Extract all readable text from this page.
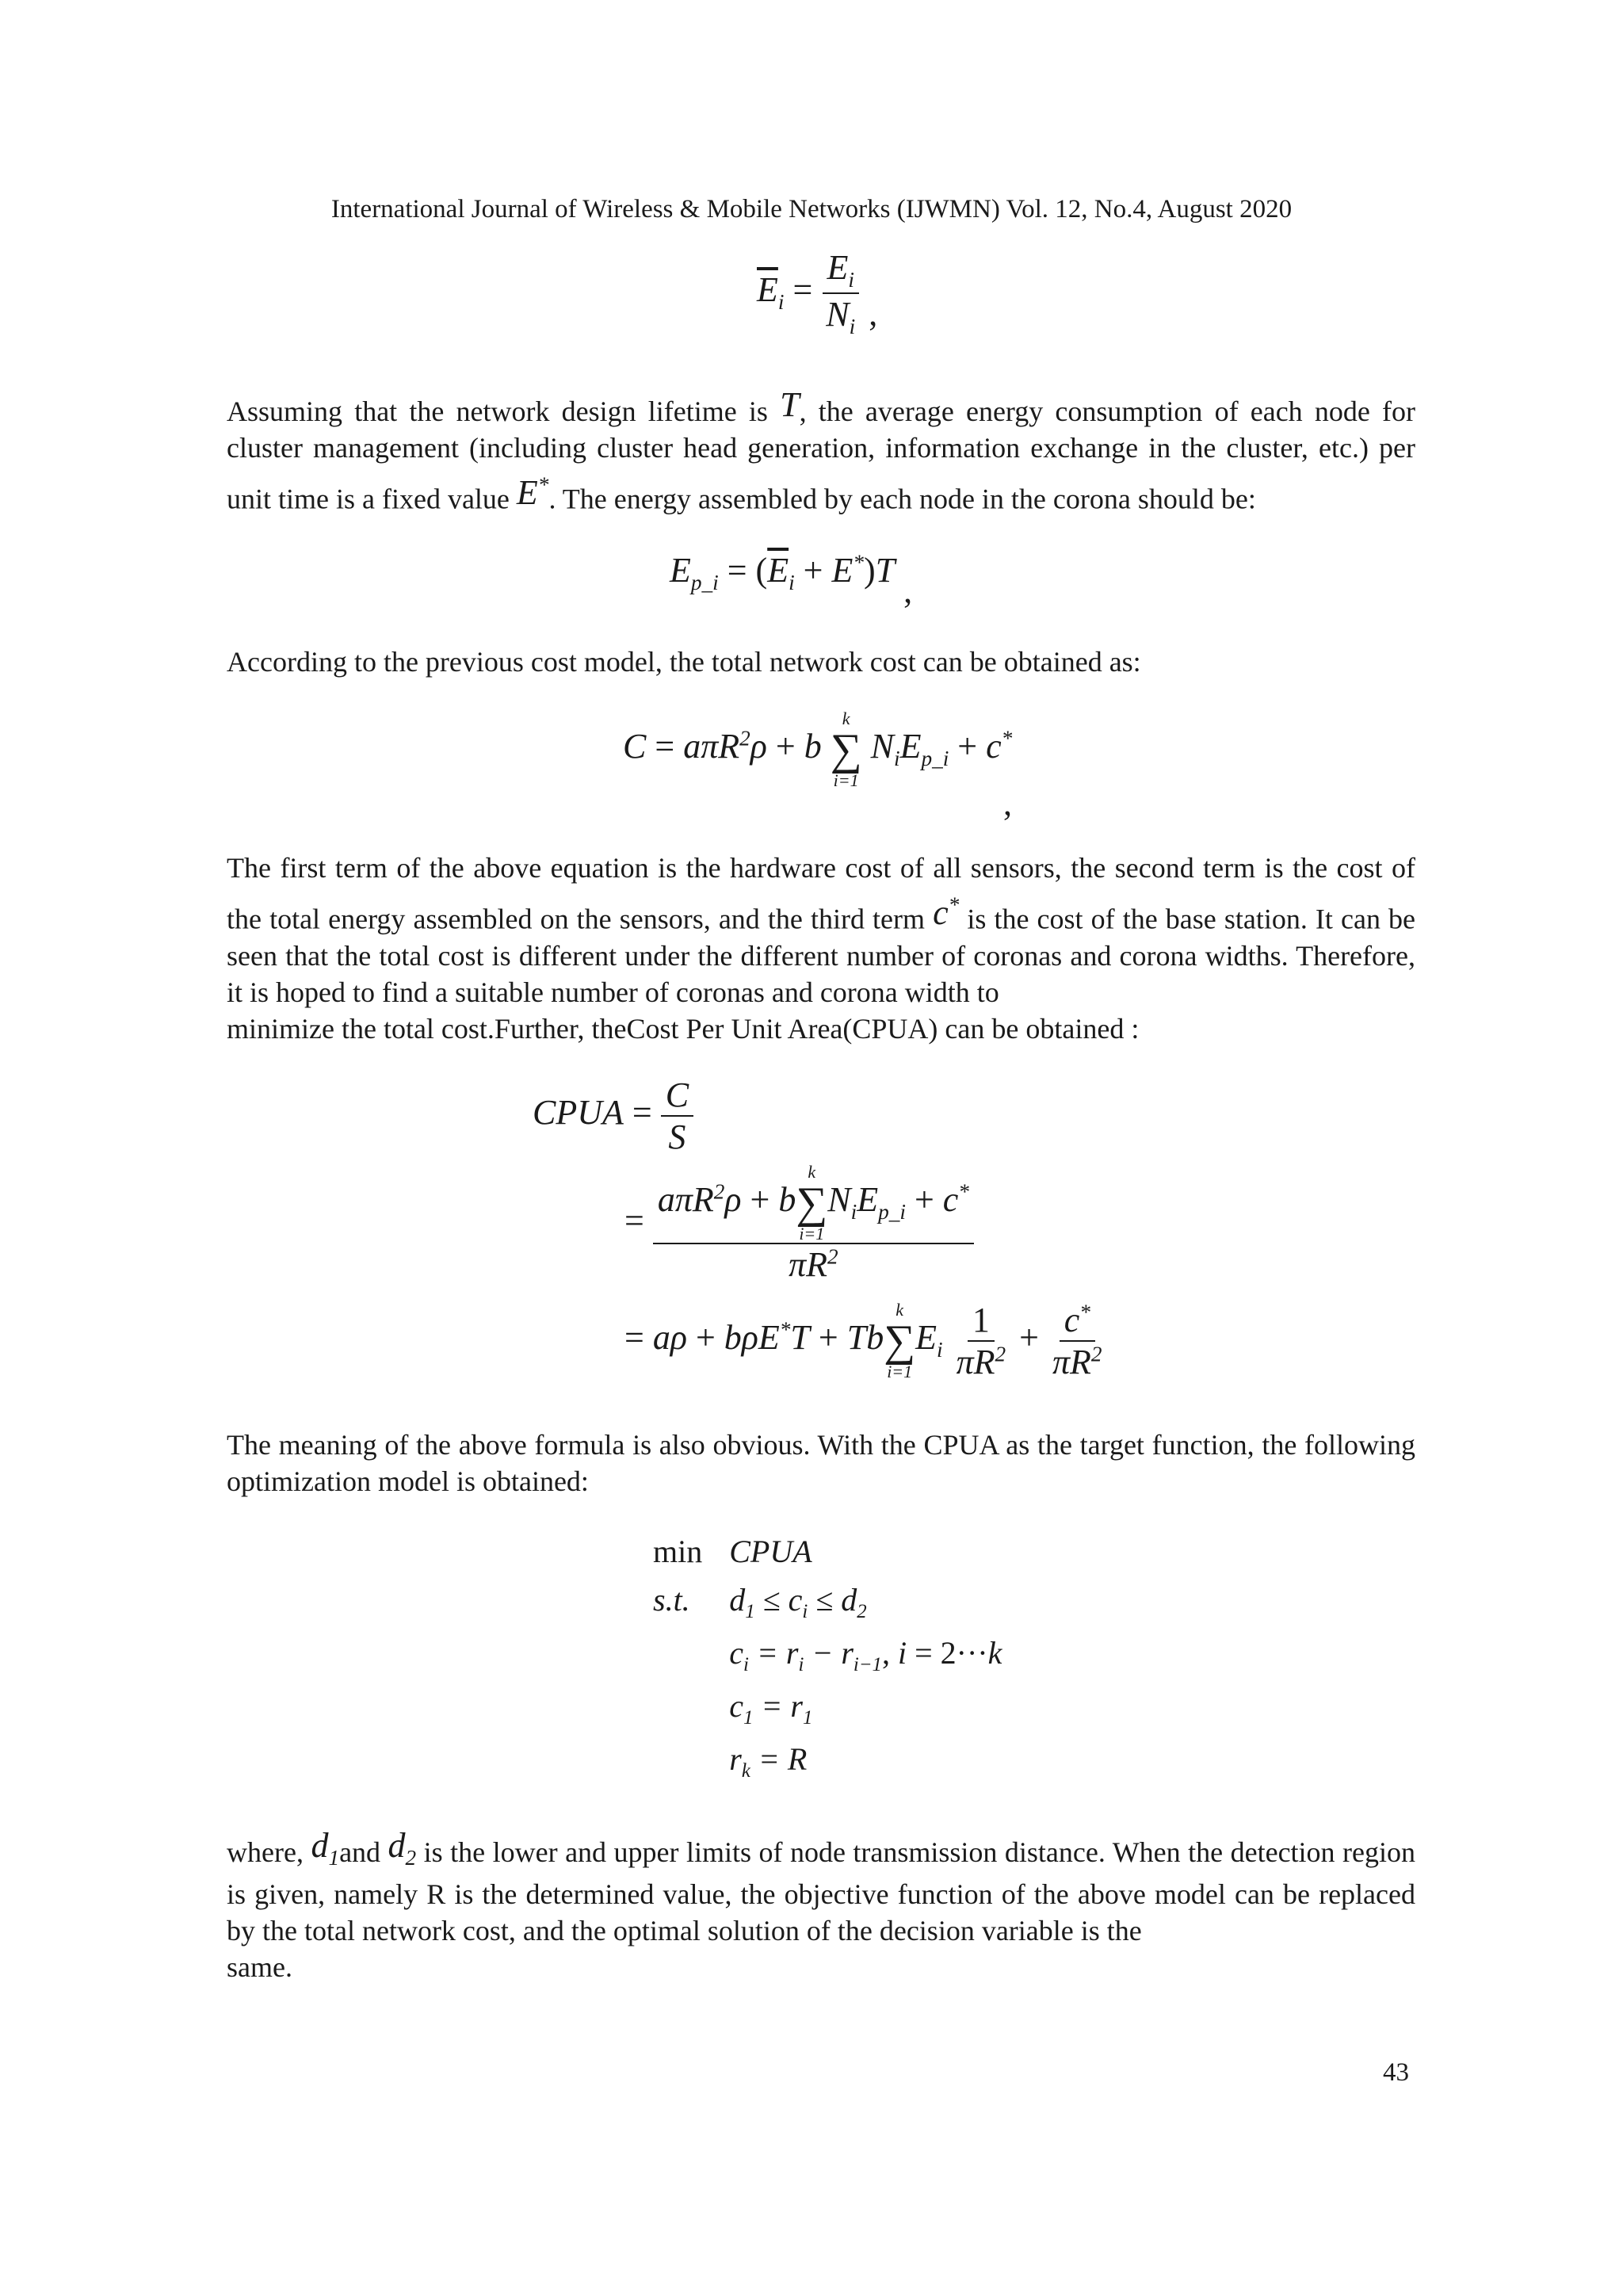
International Journal of Wireless & Mobile Networks (IJWMN) Vol. 12, No.4, August 2020
$\overline{E}_i = \frac{E_i}{N_i}$ ,
Assuming that the network design lifetime is T, the average energy consumption of each node for cluster management (including cluster head generation, information exchange in the cluster, etc.) per unit time is a fixed value E*. The energy assembled by each node in the corona should be:
$E_{p\_i} = (\overline{E}_i + E^*)T$ ,
According to the previous cost model, the total network cost can be obtained as:
C = aπR$^2$ρ + b
k
∑
i=1
$N_iE_{p\_i} + c^*$
,
The first term of the above equation is the hardware cost of all sensors, the second term is the cost of the total energy assembled on the sensors, and the third term c* is the cost of the base station. It can be seen that the total cost is different under the different number of coronas and corona widths. Therefore, it is hoped to find a suitable number of coronas and corona width to
minimize the total cost.Further, theCost Per Unit Area(CPUA) can be obtained :
CPUA = $\frac{C}{S}$
= aπR$^2$ρ + b
k
∑
i=1
$N_iE_{p\_i} + c^*$
$\pi R^2$
= aρ + bρE*T + Tb
k
∑
i=1
$E_i \frac{1}{\pi R^2} + \frac{c^*}{\pi R^2}$
The meaning of the above formula is also obvious. With the CPUA as the target function, the following optimization model is obtained:
min	CPUA
s.t.	$d_1 \le c_i \le d_2$
	$c_i = r_i - r_{i-1}$, i = 2···k
	$c_1 = r_1$
	$r_k = R$
where, $d_1and$ $d_2$ is the lower and upper limits of node transmission distance. When the detection region is given, namely R is the determined value, the objective function of the above model can be replaced by the total network cost, and the optimal solution of the decision variable is the
same.
43
